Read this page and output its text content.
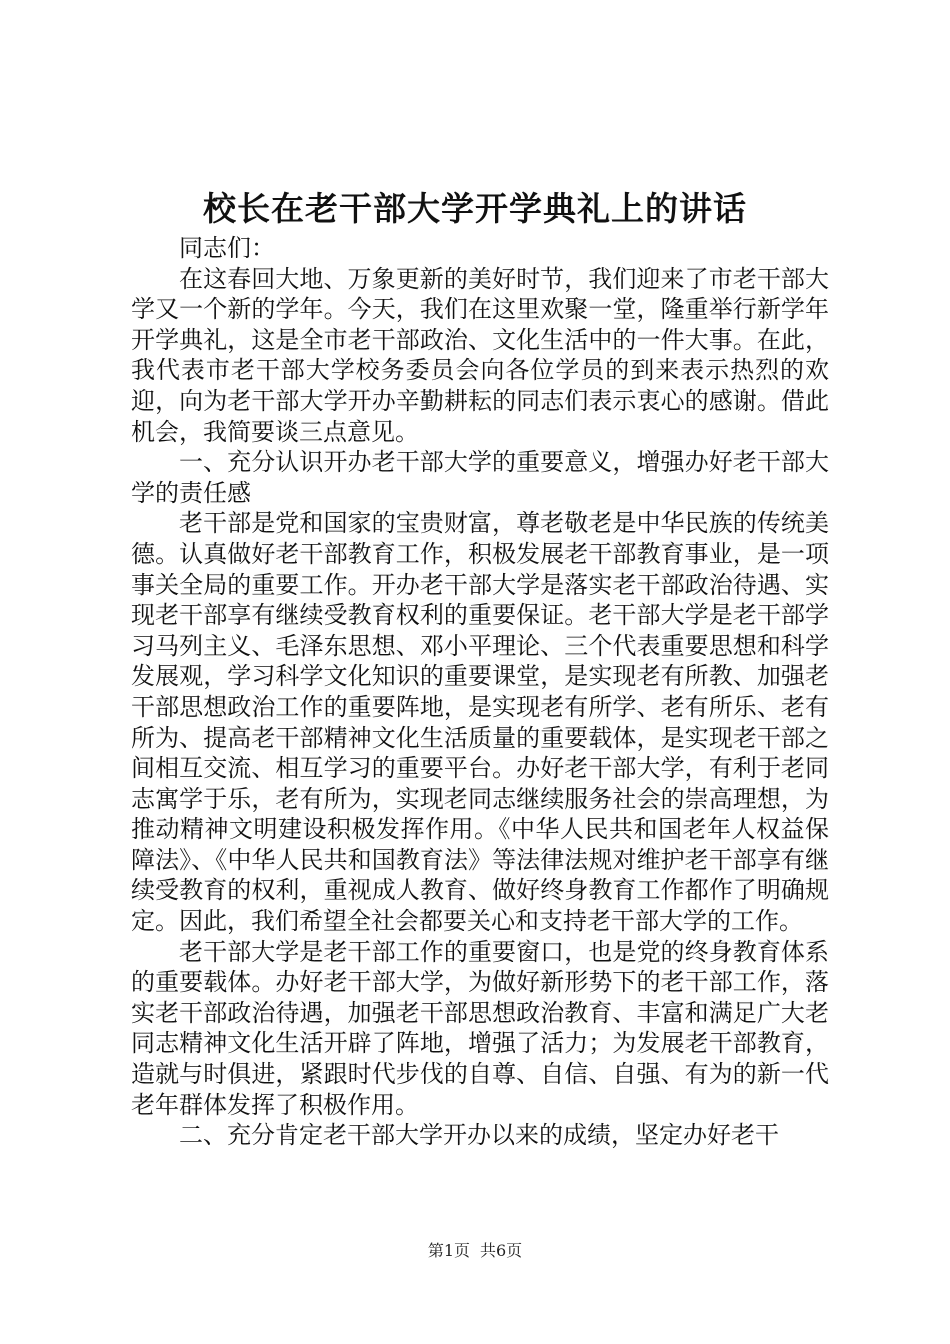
校长在老干部大学开学典礼上的讲话

同志们：

在这春回大地、万象更新的美好时节，我们迎来了市老干部大学又一个新的学年。今天，我们在这里欢聚一堂，隆重举行新学年开学典礼，这是全市老干部政治、文化生活中的一件大事。在此，我代表市老干部大学校务委员会向各位学员的到来表示热烈的欢迎，向为老干部大学开办辛勤耕耘的同志们表示衷心的感谢。借此机会，我简要谈三点意见。

一、充分认识开办老干部大学的重要意义，增强办好老干部大学的责任感

老干部是党和国家的宝贵财富，尊老敬老是中华民族的传统美德。认真做好老干部教育工作，积极发展老干部教育事业，是一项事关全局的重要工作。开办老干部大学是落实老干部政治待遇、实现老干部享有继续受教育权利的重要保证。老干部大学是老干部学习马列主义、毛泽东思想、邓小平理论、三个代表重要思想和科学发展观，学习科学文化知识的重要课堂，是实现老有所教、加强老干部思想政治工作的重要阵地，是实现老有所学、老有所乐、老有所为、提高老干部精神文化生活质量的重要载体，是实现老干部之间相互交流、相互学习的重要平台。办好老干部大学，有利于老同志寓学于乐，老有所为，实现老同志继续服务社会的崇高理想，为推动精神文明建设积极发挥作用。《中华人民共和国老年人权益保障法》、《中华人民共和国教育法》等法律法规对维护老干部享有继续受教育的权利，重视成人教育、做好终身教育工作都作了明确规定。因此，我们希望全社会都要关心和支持老干部大学的工作。

老干部大学是老干部工作的重要窗口，也是党的终身教育体系的重要载体。办好老干部大学，为做好新形势下的老干部工作，落实老干部政治待遇，加强老干部思想政治教育、丰富和满足广大老同志精神文化生活开辟了阵地，增强了活力；为发展老干部教育，造就与时俱进，紧跟时代步伐的自尊、自信、自强、有为的新一代老年群体发挥了积极作用。

二、充分肯定老干部大学开办以来的成绩，坚定办好老干

第1页 共6页
